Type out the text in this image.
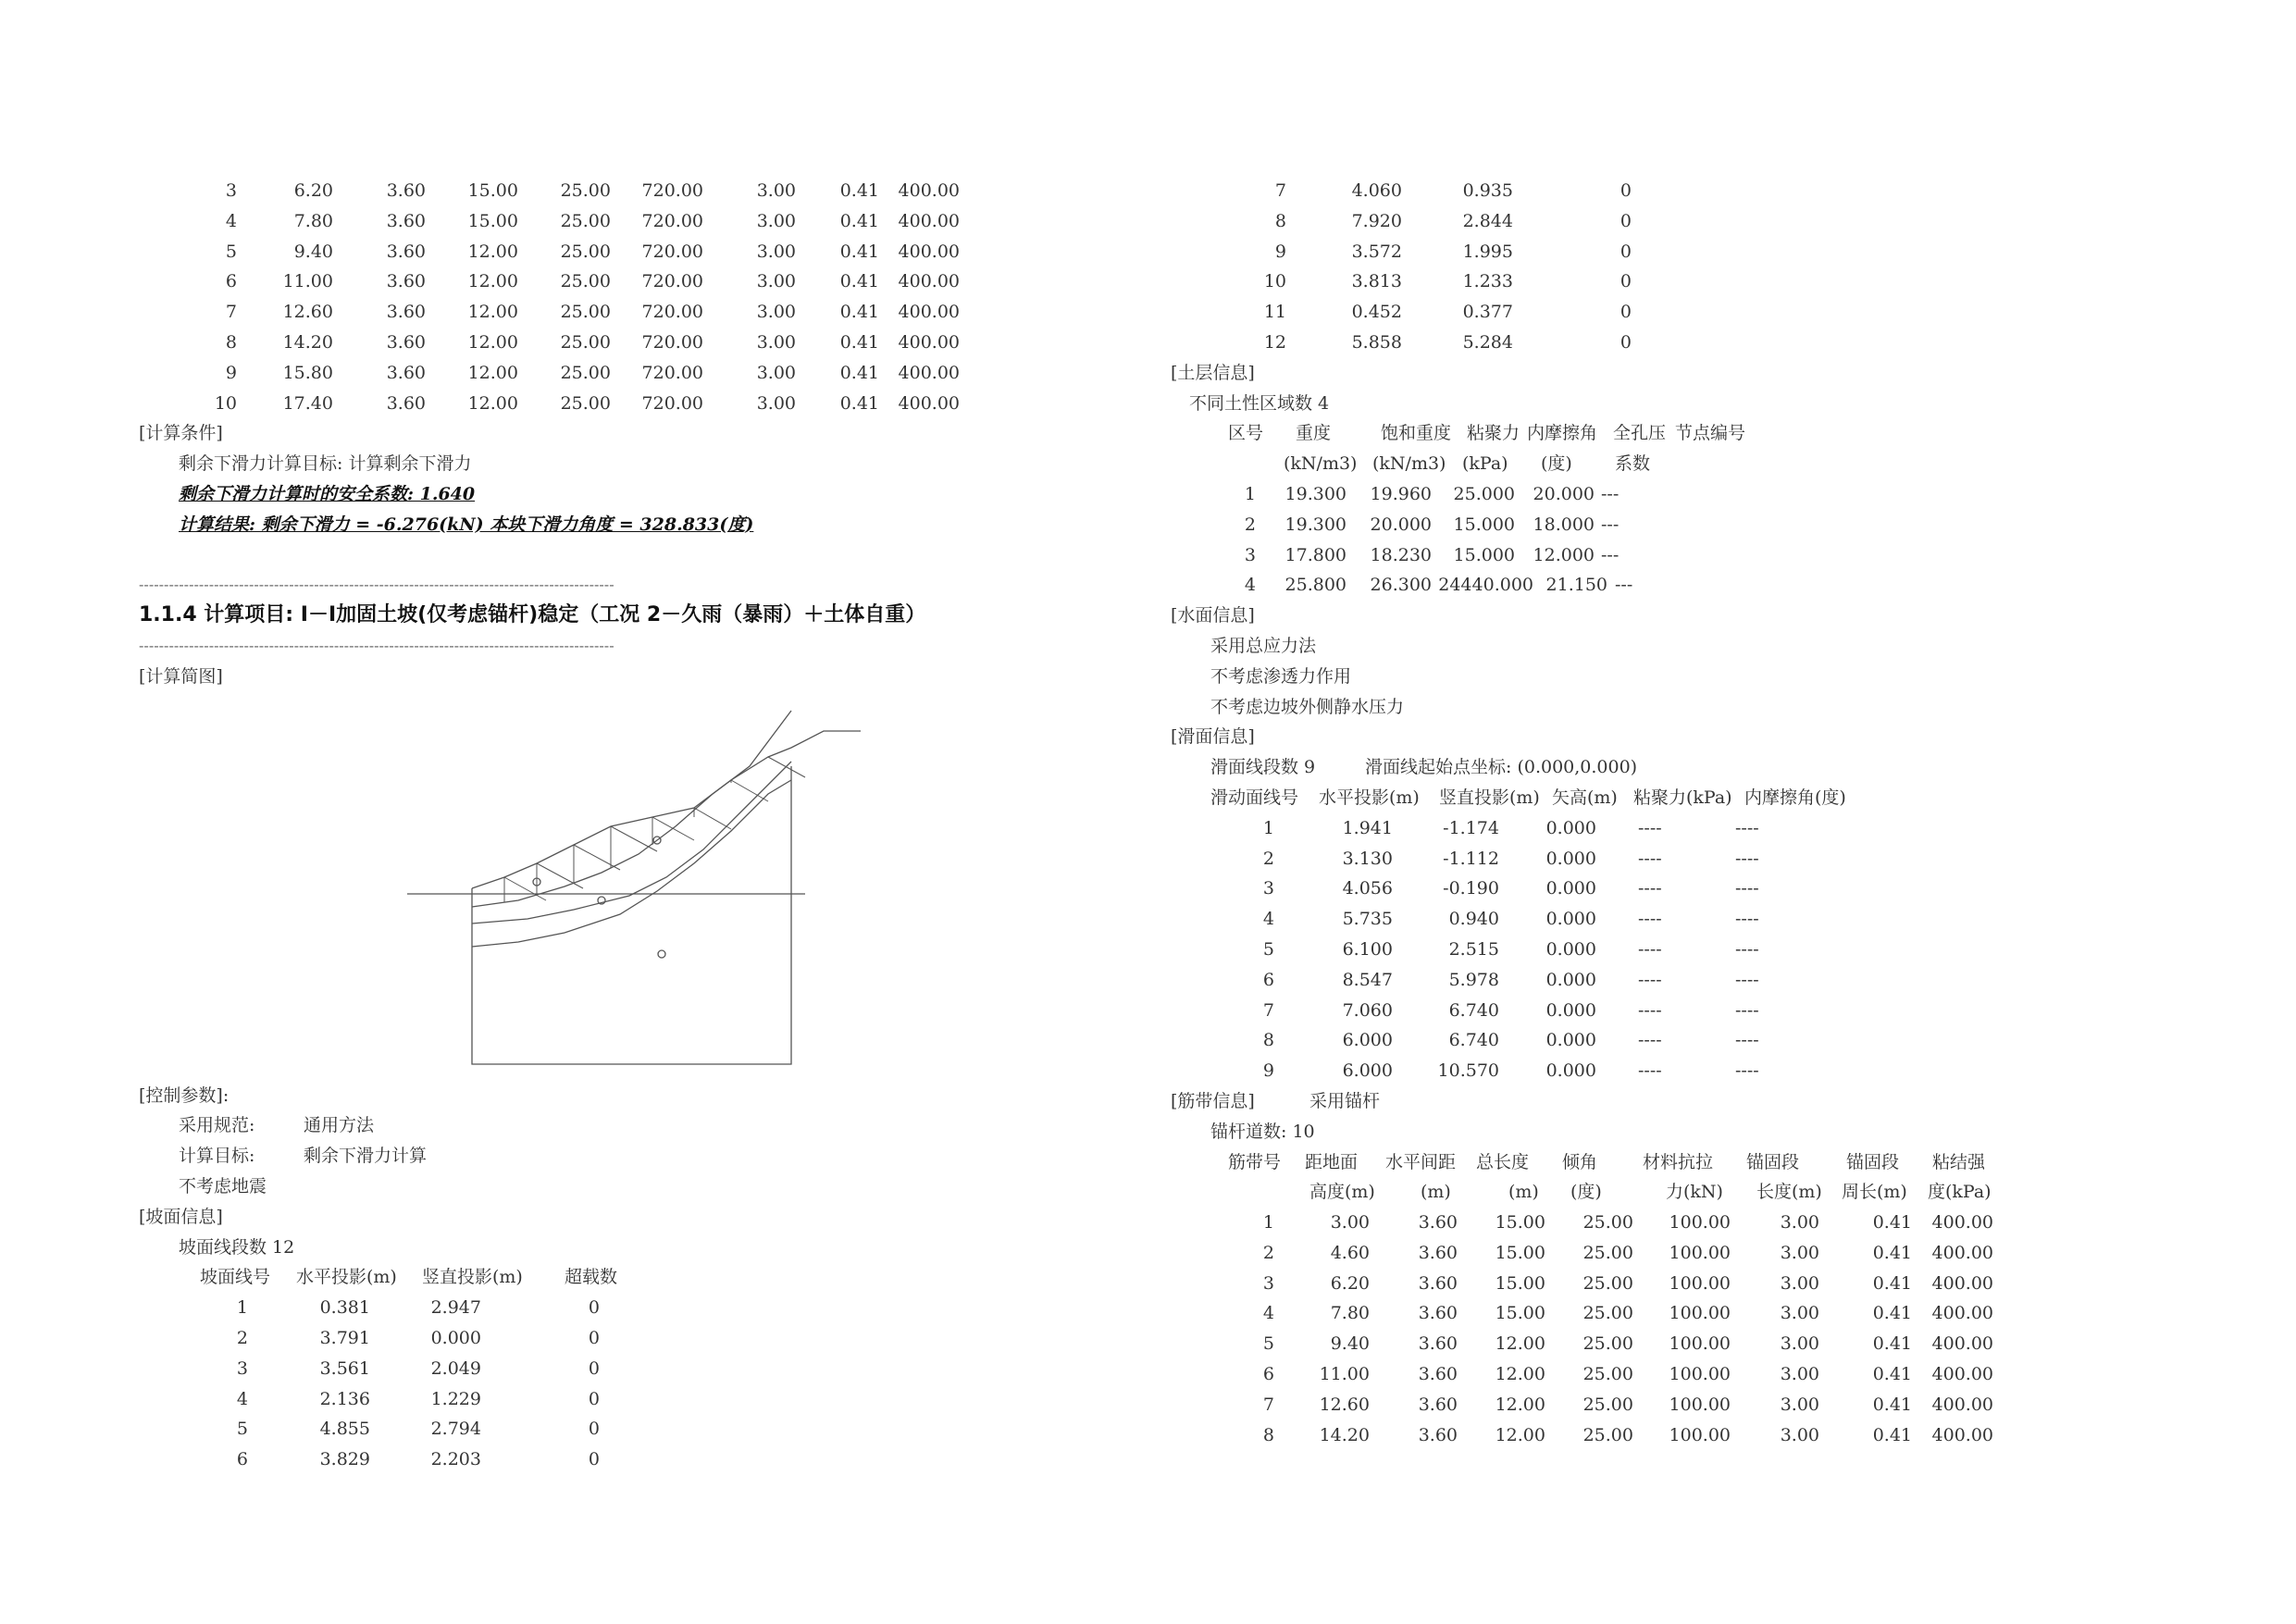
3	6.20	3.60	15.00	25.00	720.00	3.00	0.41	400.00
4	7.80	3.60	15.00	25.00	720.00	3.00	0.41	400.00
5	9.40	3.60	12.00	25.00	720.00	3.00	0.41	400.00
6	11.00	3.60	12.00	25.00	720.00	3.00	0.41	400.00
7	12.60	3.60	12.00	25.00	720.00	3.00	0.41	400.00
8	14.20	3.60	12.00	25.00	720.00	3.00	0.41	400.00
9	15.80	3.60	12.00	25.00	720.00	3.00	0.41	400.00
10	17.40	3.60	12.00	25.00	720.00	3.00	0.41	400.00
[计算条件]
剩余下滑力计算目标: 计算剩余下滑力
剩余下滑力计算时的安全系数: 1.640
计算结果: 剩余下滑力 = -6.276(kN) 本块下滑力角度 = 328.833(度)
-----------------------------------------------------------------------------------------------
1.1.4 计算项目: Ⅰ－Ⅰ加固土坡(仅考虑锚杆)稳定（工况 2－久雨（暴雨）＋土体自重）
-----------------------------------------------------------------------------------------------
[计算简图]
[控制参数]:
采用规范:	通用方法
计算目标:	剩余下滑力计算
不考虑地震
[坡面信息]
坡面线段数 12
坡面线号 水平投影(m) 竖直投影(m) 超载数
1	0.381	2.947	0
2	3.791	0.000	0
3	3.561	2.049	0
4	2.136	1.229	0
5	4.855	2.794	0
6	3.829	2.203	0
7	4.060	0.935	0
8	7.920	2.844	0
9	3.572	1.995	0
10	3.813	1.233	0
11	0.452	0.377	0
12	5.858	5.284	0
[土层信息]
不同土性区域数 4
区号 重度	饱和重度 粘聚力 内摩擦角 全孔压 节点编号
(kN/m3) (kN/m3) (kPa) (度) 系数
1	19.300	19.960	25.000	20.000 ---
2	19.300	20.000	15.000	18.000 ---
3	17.800	18.230	15.000	12.000 ---
4	25.800	26.300 24440.000 21.150 ---
[水面信息]
采用总应力法
不考虑渗透力作用
不考虑边坡外侧静水压力
[滑面信息]
滑面线段数 9	滑面线起始点坐标: (0.000,0.000)
滑动面线号 水平投影(m) 竖直投影(m) 矢高(m) 粘聚力(kPa) 内摩擦角(度)
1	1.941	-1.174	0.000 ----	----
2	3.130	-1.112	0.000 ----	----
3	4.056	-0.190	0.000 ----	----
4	5.735	0.940	0.000 ----	----
5	6.100	2.515	0.000 ----	----
6	8.547	5.978	0.000 ----	----
7	7.060	6.740	0.000 ----	----
8	6.000	6.740	0.000 ----	----
9	6.000	10.570	0.000 ----	----
[筋带信息]	采用锚杆
锚杆道数: 10
筋带号 距地面 水平间距 总长度 倾角	材料抗拉 锚固段	锚固段 粘结强
高度(m)	(m)	(m) (度)	力(kN) 长度(m) 周长(m) 度(kPa)
1	3.00	3.60	15.00	25.00	100.00	3.00	0.41	400.00
2	4.60	3.60	15.00	25.00	100.00	3.00	0.41	400.00
3	6.20	3.60	15.00	25.00	100.00	3.00	0.41	400.00
4	7.80	3.60	15.00	25.00	100.00	3.00	0.41	400.00
5	9.40	3.60	12.00	25.00	100.00	3.00	0.41	400.00
6	11.00	3.60	12.00	25.00	100.00	3.00	0.41	400.00
7	12.60	3.60	12.00	25.00	100.00	3.00	0.41	400.00
8	14.20	3.60	12.00	25.00	100.00	3.00	0.41	400.00
